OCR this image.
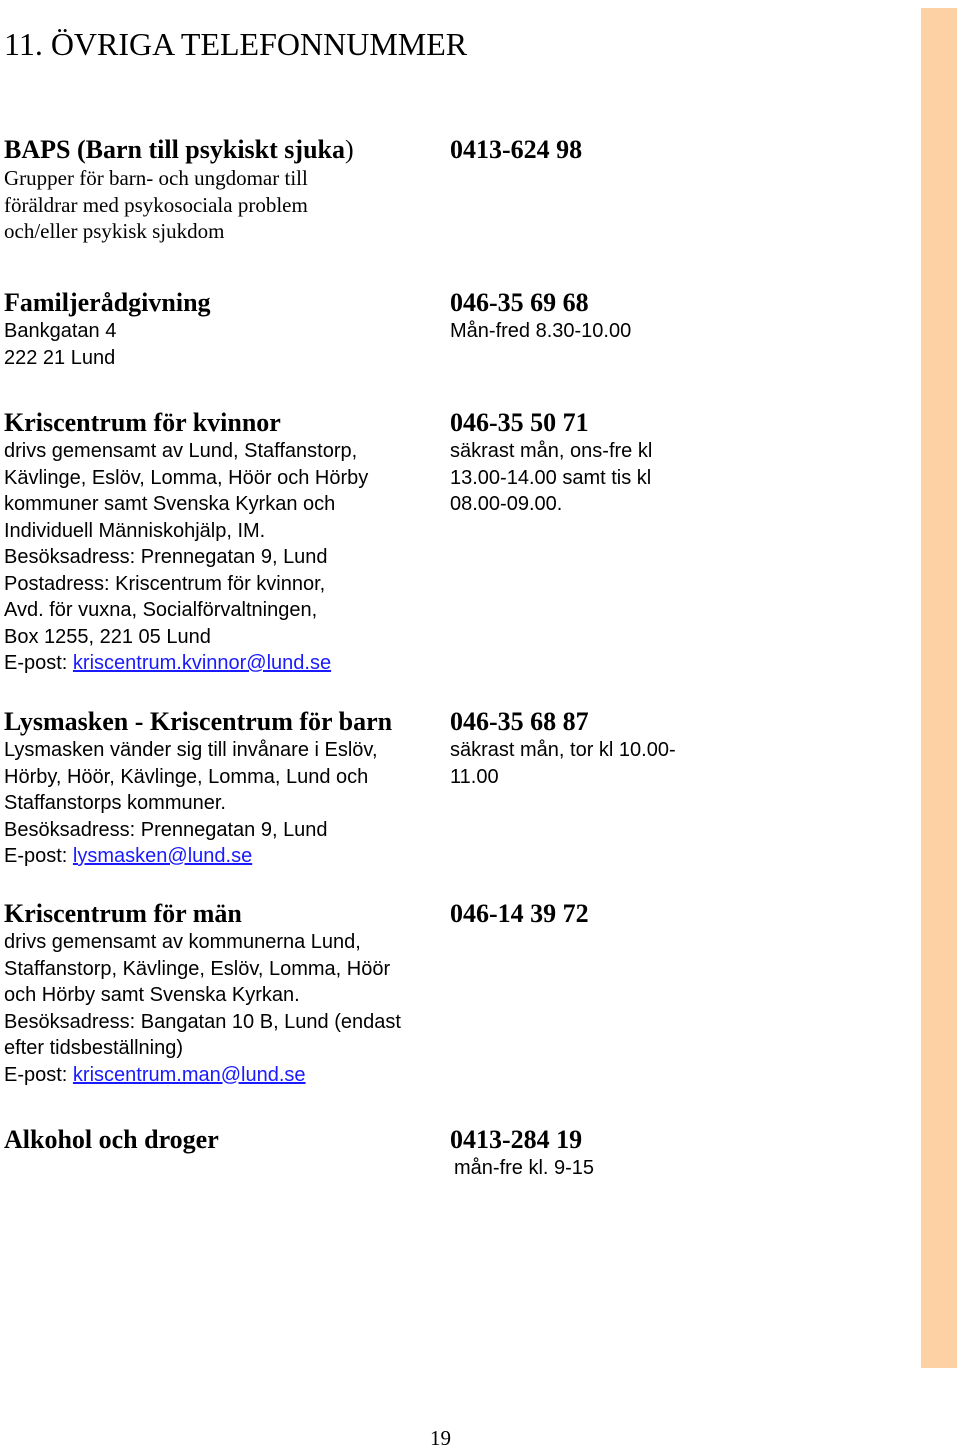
11. ÖVRIGA TELEFONNUMMER
BAPS (Barn till psykiskt sjuka)
Grupper för barn- och ungdomar till
föräldrar med psykosociala problem
och/eller psykisk sjukdom
0413-624 98
Familjerådgivning
Bankgatan 4
222 21 Lund
046-35 69 68
Mån-fred 8.30-10.00
Kriscentrum för kvinnor
drivs gemensamt av Lund, Staffanstorp,
Kävlinge, Eslöv, Lomma, Höör och Hörby
kommuner samt Svenska Kyrkan och
Individuell Människohjälp, IM.
Besöksadress: Prennegatan 9, Lund
Postadress: Kriscentrum för kvinnor,
Avd. för vuxna, Socialförvaltningen,
Box 1255, 221 05 Lund
E-post: kriscentrum.kvinnor@lund.se
046-35 50 71
säkrast mån, ons-fre kl
13.00-14.00 samt tis kl
08.00-09.00.
Lysmasken - Kriscentrum för barn
Lysmasken vänder sig till invånare i Eslöv,
Hörby, Höör, Kävlinge, Lomma, Lund och
Staffanstorps kommuner.
Besöksadress: Prennegatan 9, Lund
E-post: lysmasken@lund.se
046-35 68 87
säkrast mån, tor kl 10.00-
11.00
Kriscentrum för män
drivs gemensamt av kommunerna Lund,
Staffanstorp, Kävlinge, Eslöv, Lomma, Höör
och Hörby samt Svenska Kyrkan.
Besöksadress: Bangatan 10 B, Lund (endast
efter tidsbeställning)
E-post: kriscentrum.man@lund.se
046-14 39 72
Alkohol och droger	0413-284 19
mån-fre kl. 9-15
19
